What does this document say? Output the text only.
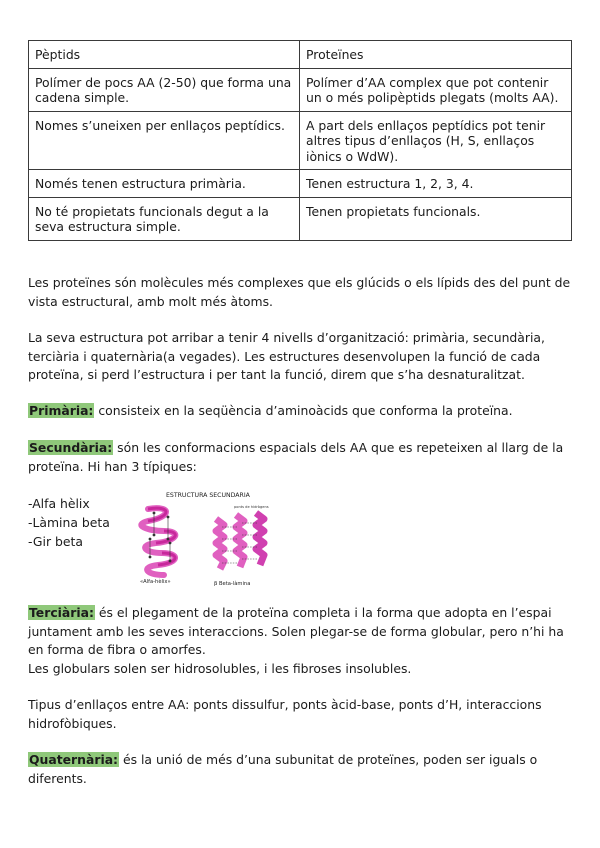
Pèptids	Proteïnes
Polímer de pocs AA (2-50) que forma una cadena simple.	Polímer d’AA complex que pot contenir un o més polipèptids plegats (molts AA).
Nomes s’uneixen per enllaços peptídics.	A part dels enllaços peptídics pot tenir altres tipus d’enllaços (H, S, enllaços iònics o WdW).
Només tenen estructura primària.	Tenen estructura 1, 2, 3, 4.
No té propietats funcionals degut a la seva estructura simple.	Tenen propietats funcionals.

Les proteïnes són molècules més complexes que els glúcids o els lípids des del punt de vista estructural, amb molt més àtoms.

La seva estructura pot arribar a tenir 4 nivells d’organització: primària, secundària, terciària i quaternària(a vegades). Les estructures desenvolupen la funció de cada proteïna, si perd l’estructura i per tant la funció, direm que s’ha desnaturalitzat.

Primària: consisteix en la seqüència d’aminoàcids que conforma la proteïna.

Secundària: són les conformacions espacials dels AA que es repeteixen al llarg de la proteïna. Hi han 3 típiques:

-Alfa hèlix
-Làmina beta
-Gir beta
ESTRUCTURA SECUNDARIA
«Alfa-hèlix»
ponts de hidrògens
β Beta-làmina

Terciària: és el plegament de la proteïna completa i la forma que adopta en l’espai juntament amb les seves interaccions. Solen plegar-se de forma globular, pero n’hi ha en forma de fibra o amorfes.
Les globulars solen ser hidrosolubles, i les fibroses insolubles.

Tipus d’enllaços entre AA: ponts dissulfur, ponts àcid-base, ponts d’H, interaccions hidrofòbiques.

Quaternària: és la unió de més d’una subunitat de proteïnes, poden ser iguals o diferents.
